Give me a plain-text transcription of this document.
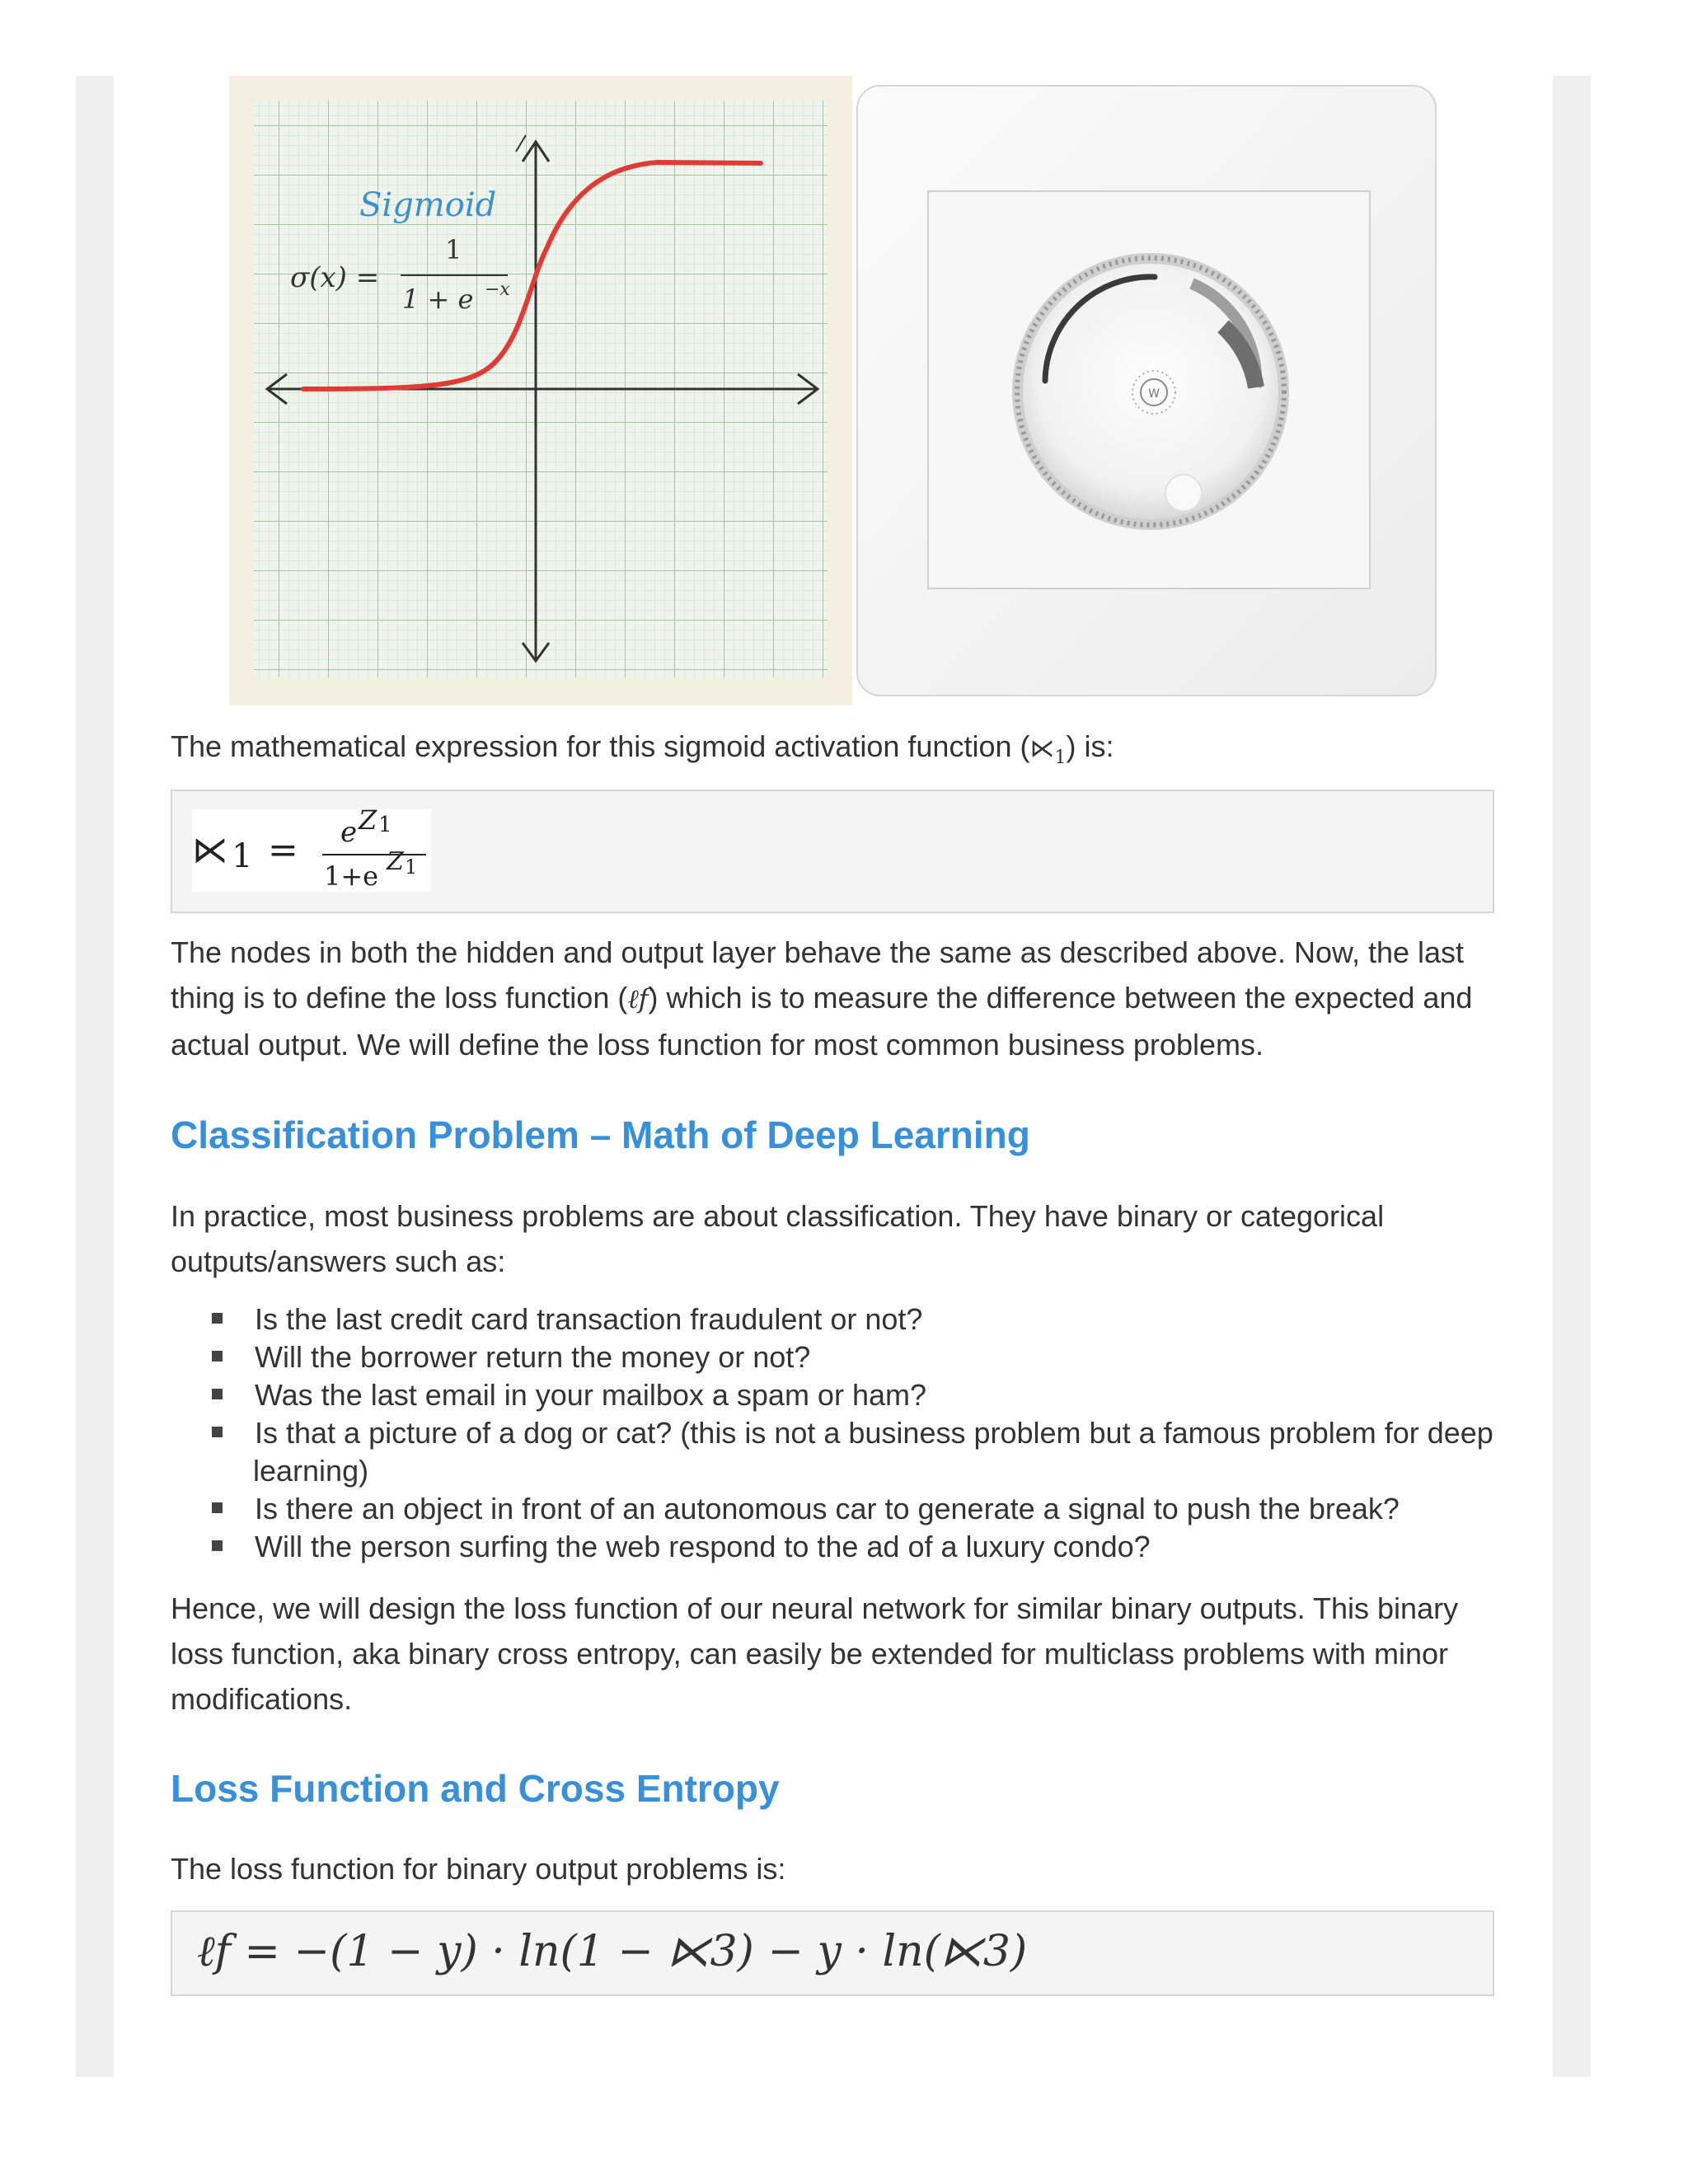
Sigmoid
σ(x) =
1
1 + e −x
W

The mathematical expression for this sigmoid activation function $(⋉_1)$ is:

⋉ 1 = e Z 1
1+e Z 1

The nodes in both the hidden and output layer behave the same as described above. Now, the last thing is to define the loss function (ℓf) which is to measure the difference between the expected and actual output. We will define the loss function for most common business problems.

Classification Problem – Math of Deep Learning

In practice, most business problems are about classification. They have binary or categorical outputs/answers such as:

Is the last credit card transaction fraudulent or not?
Will the borrower return the money or not?
Was the last email in your mailbox a spam or ham?
Is that a picture of a dog or cat? (this is not a business problem but a famous problem for deep learning)
Is there an object in front of an autonomous car to generate a signal to push the break?
Will the person surfing the web respond to the ad of a luxury condo?

Hence, we will design the loss function of our neural network for similar binary outputs. This binary loss function, aka binary cross entropy, can easily be extended for multiclass problems with minor modifications.

Loss Function and Cross Entropy

The loss function for binary output problems is:

ℓf = −(1 − y) · ln(1 − ⋉3) − y · ln(⋉3)
